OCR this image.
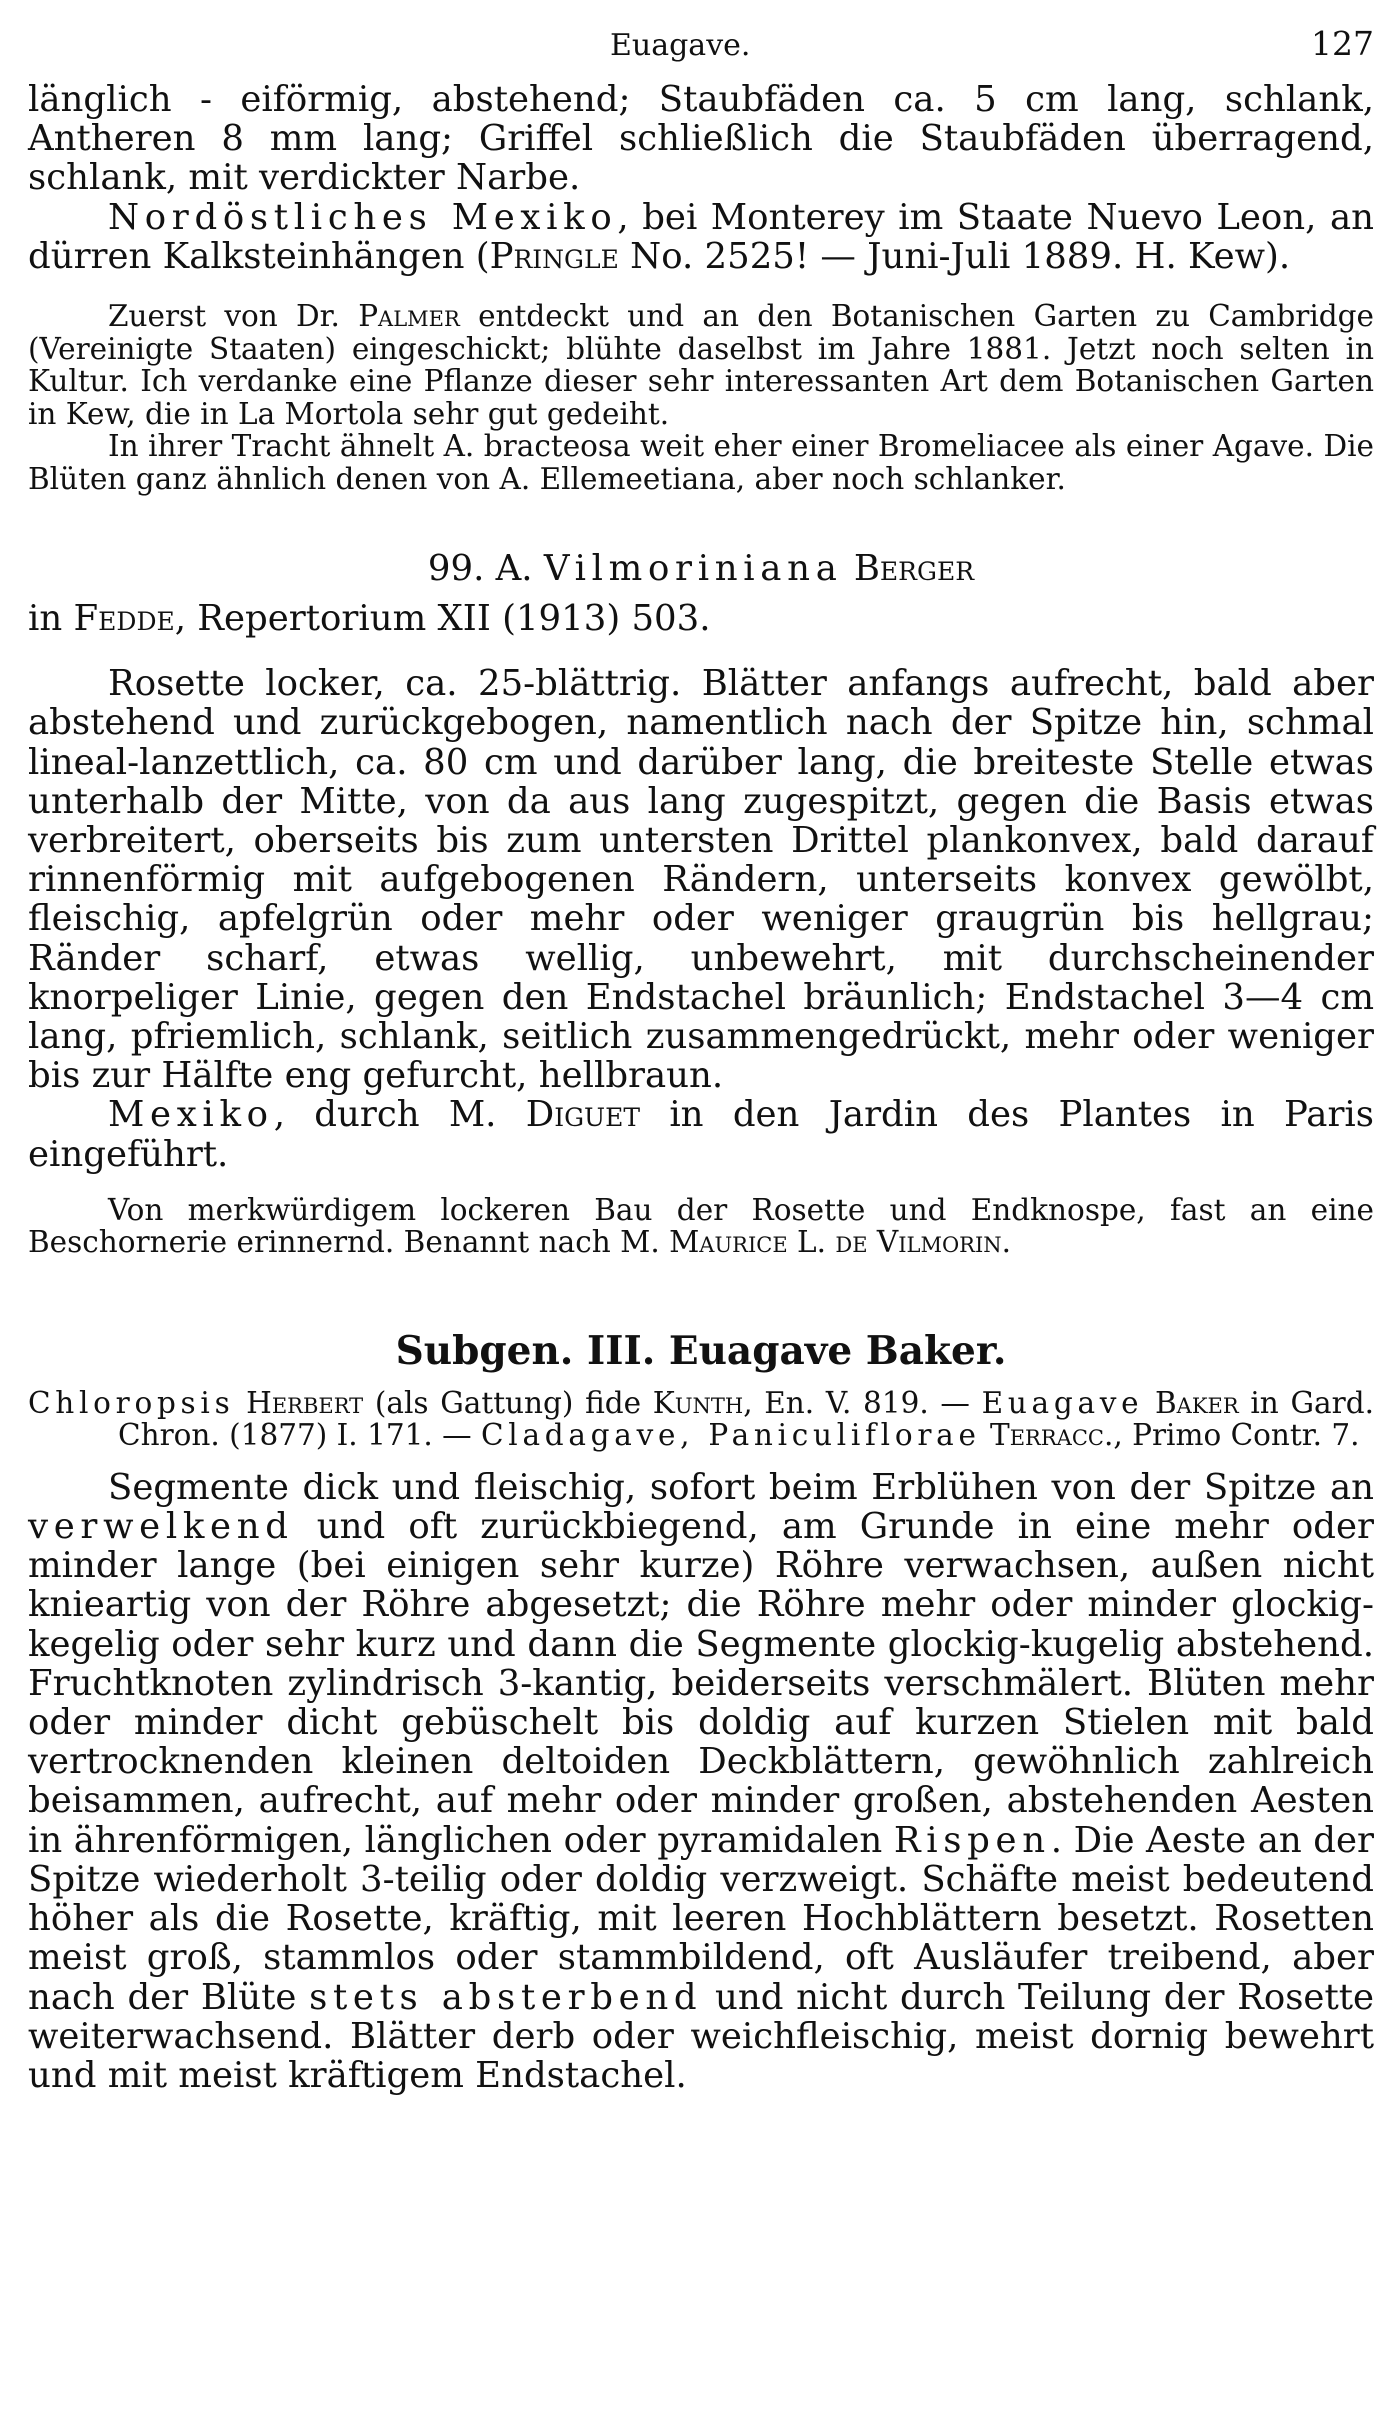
Euagave.	127

länglich - eiförmig, abstehend; Staubfäden ca. 5 cm lang, schlank, Antheren 8 mm lang; Griffel schließlich die Staubfäden überragend, schlank, mit verdickter Narbe.

Nordöstliches Mexiko, bei Monterey im Staate Nuevo Leon, an dürren Kalksteinhängen (Pringle No. 2525! — Juni-Juli 1889. H. Kew).

Zuerst von Dr. Palmer entdeckt und an den Botanischen Garten zu Cambridge (Vereinigte Staaten) eingeschickt; blühte daselbst im Jahre 1881. Jetzt noch selten in Kultur. Ich verdanke eine Pflanze dieser sehr interessanten Art dem Botanischen Garten in Kew, die in La Mortola sehr gut gedeiht.

In ihrer Tracht ähnelt A. bracteosa weit eher einer Bromeliacee als einer Agave. Die Blüten ganz ähnlich denen von A. Ellemeetiana, aber noch schlanker.

99. A. Vilmoriniana Berger

in Fedde, Repertorium XII (1913) 503.

Rosette locker, ca. 25-blättrig. Blätter anfangs aufrecht, bald aber abstehend und zurückgebogen, namentlich nach der Spitze hin, schmal lineal-lanzettlich, ca. 80 cm und darüber lang, die breiteste Stelle etwas unterhalb der Mitte, von da aus lang zugespitzt, gegen die Basis etwas verbreitert, oberseits bis zum untersten Drittel plankonvex, bald darauf rinnenförmig mit aufgebogenen Rändern, unterseits konvex gewölbt, fleischig, apfelgrün oder mehr oder weniger graugrün bis hellgrau; Ränder scharf, etwas wellig, unbewehrt, mit durchscheinender knorpeliger Linie, gegen den Endstachel bräunlich; Endstachel 3—4 cm lang, pfriemlich, schlank, seitlich zusammengedrückt, mehr oder weniger bis zur Hälfte eng gefurcht, hellbraun.

Mexiko, durch M. Diguet in den Jardin des Plantes in Paris eingeführt.

Von merkwürdigem lockeren Bau der Rosette und Endknospe, fast an eine Beschornerie erinnernd. Benannt nach M. Maurice L. de Vilmorin.

Subgen. III. Euagave Baker.

Chloropsis Herbert (als Gattung) fide Kunth, En. V. 819. — Euagave Baker in Gard. Chron. (1877) I. 171. — Cladagave, Paniculiflorae Terracc., Primo Contr. 7.

Segmente dick und fleischig, sofort beim Erblühen von der Spitze an verwelkend und oft zurückbiegend, am Grunde in eine mehr oder minder lange (bei einigen sehr kurze) Röhre verwachsen, außen nicht knieartig von der Röhre abgesetzt; die Röhre mehr oder minder glockig-kegelig oder sehr kurz und dann die Segmente glockig-kugelig abstehend. Fruchtknoten zylindrisch 3-kantig, beiderseits verschmälert. Blüten mehr oder minder dicht gebüschelt bis doldig auf kurzen Stielen mit bald vertrocknenden kleinen deltoiden Deckblättern, gewöhnlich zahlreich beisammen, aufrecht, auf mehr oder minder großen, abstehenden Aesten in ährenförmigen, länglichen oder pyramidalen Rispen. Die Aeste an der Spitze wiederholt 3-teilig oder doldig verzweigt. Schäfte meist bedeutend höher als die Rosette, kräftig, mit leeren Hochblättern besetzt. Rosetten meist groß, stammlos oder stammbildend, oft Ausläufer treibend, aber nach der Blüte stets absterbend und nicht durch Teilung der Rosette weiterwachsend. Blätter derb oder weichfleischig, meist dornig bewehrt und mit meist kräftigem Endstachel.
